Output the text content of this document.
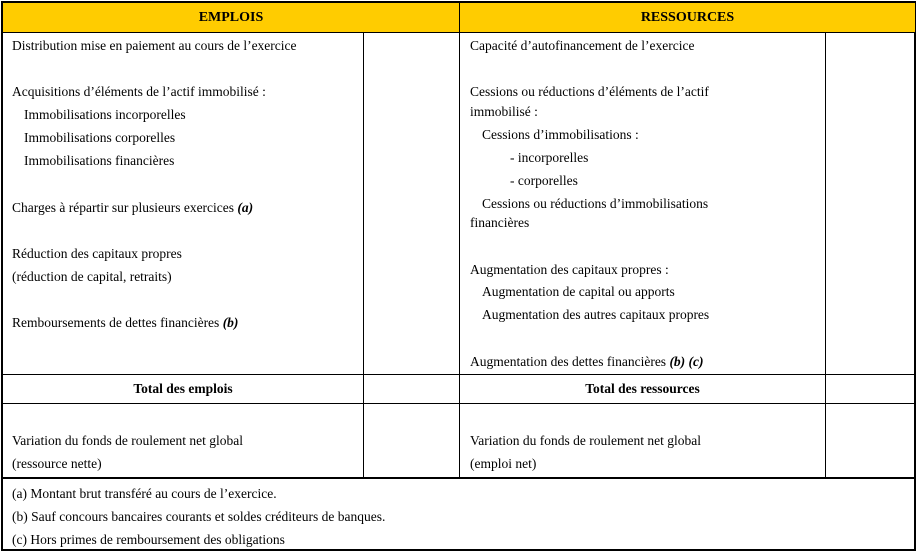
EMPLOIS	RESSOURCES
Distribution mise en paiement au cours de l’exercice
Acquisitions d’éléments de l’actif immobilisé :
Immobilisations incorporelles
Immobilisations corporelles
Immobilisations financières
Charges à répartir sur plusieurs exercices (a)
Réduction des capitaux propres
(réduction de capital, retraits)
Remboursements de dettes financières (b)
Capacité d’autofinancement de l’exercice
Cessions ou réductions d’éléments de l’actif
immobilisé :
Cessions d’immobilisations :
- incorporelles
- corporelles
Cessions ou réductions d’immobilisations
financières
Augmentation des capitaux propres :
Augmentation de capital ou apports
Augmentation des autres capitaux propres
Augmentation des dettes financières (b) (c)
Total des emplois	Total des ressources
Variation du fonds de roulement net global
(ressource nette)
Variation du fonds de roulement net global
(emploi net)
(a) Montant brut transféré au cours de l’exercice.
(b) Sauf concours bancaires courants et soldes créditeurs de banques.
(c) Hors primes de remboursement des obligations
